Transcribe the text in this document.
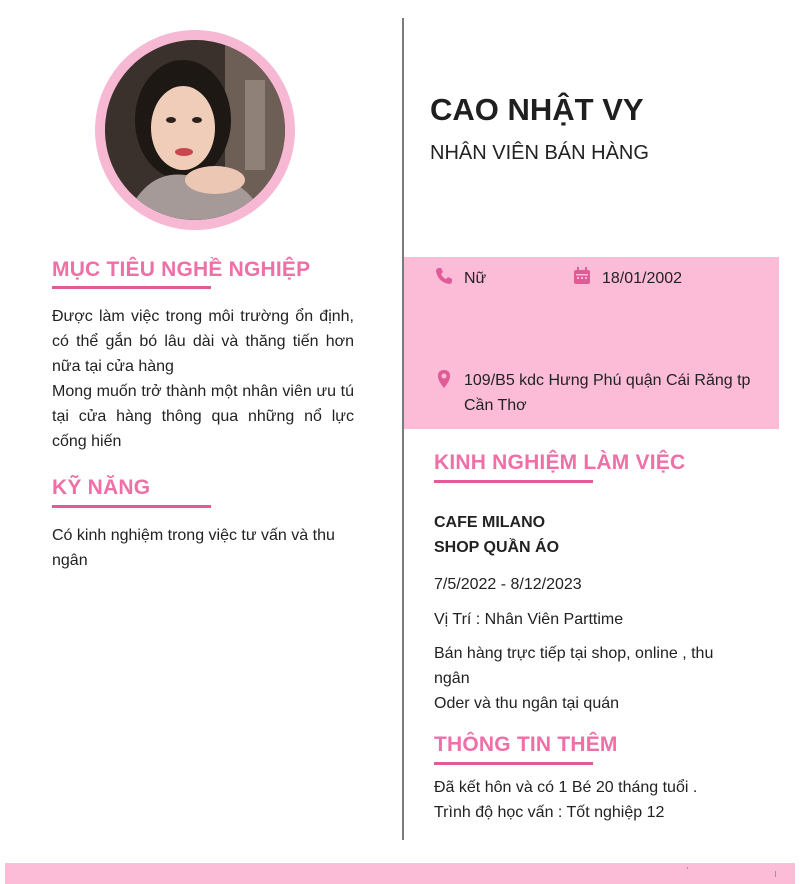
MỤC TIÊU NGHỀ NGHIỆP
Được làm việc trong môi trường ổn định, có thể gắn bó lâu dài và thăng tiến hơn nữa tại cửa hàng
Mong muốn trở thành một nhân viên ưu tú tại cửa hàng thông qua những nổ lực cống hiến
KỸ NĂNG
Có kinh nghiệm trong việc tư vấn và thu ngân
CAO NHẬT VY
NHÂN VIÊN BÁN HÀNG
Nữ	18/01/2002
109/B5 kdc Hưng Phú quận Cái Răng tp Cần Thơ
KINH NGHIỆM LÀM VIỆC
CAFE MILANO
SHOP QUẦN ÁO
7/5/2022 - 8/12/2023
Vị Trí : Nhân Viên Parttime
Bán hàng trực tiếp tại shop, online , thu ngân
Oder và thu ngân tại quán
THÔNG TIN THÊM
Đã kết hôn và có 1 Bé 20 tháng tuổi .
Trình độ học vấn : Tốt nghiệp 12
